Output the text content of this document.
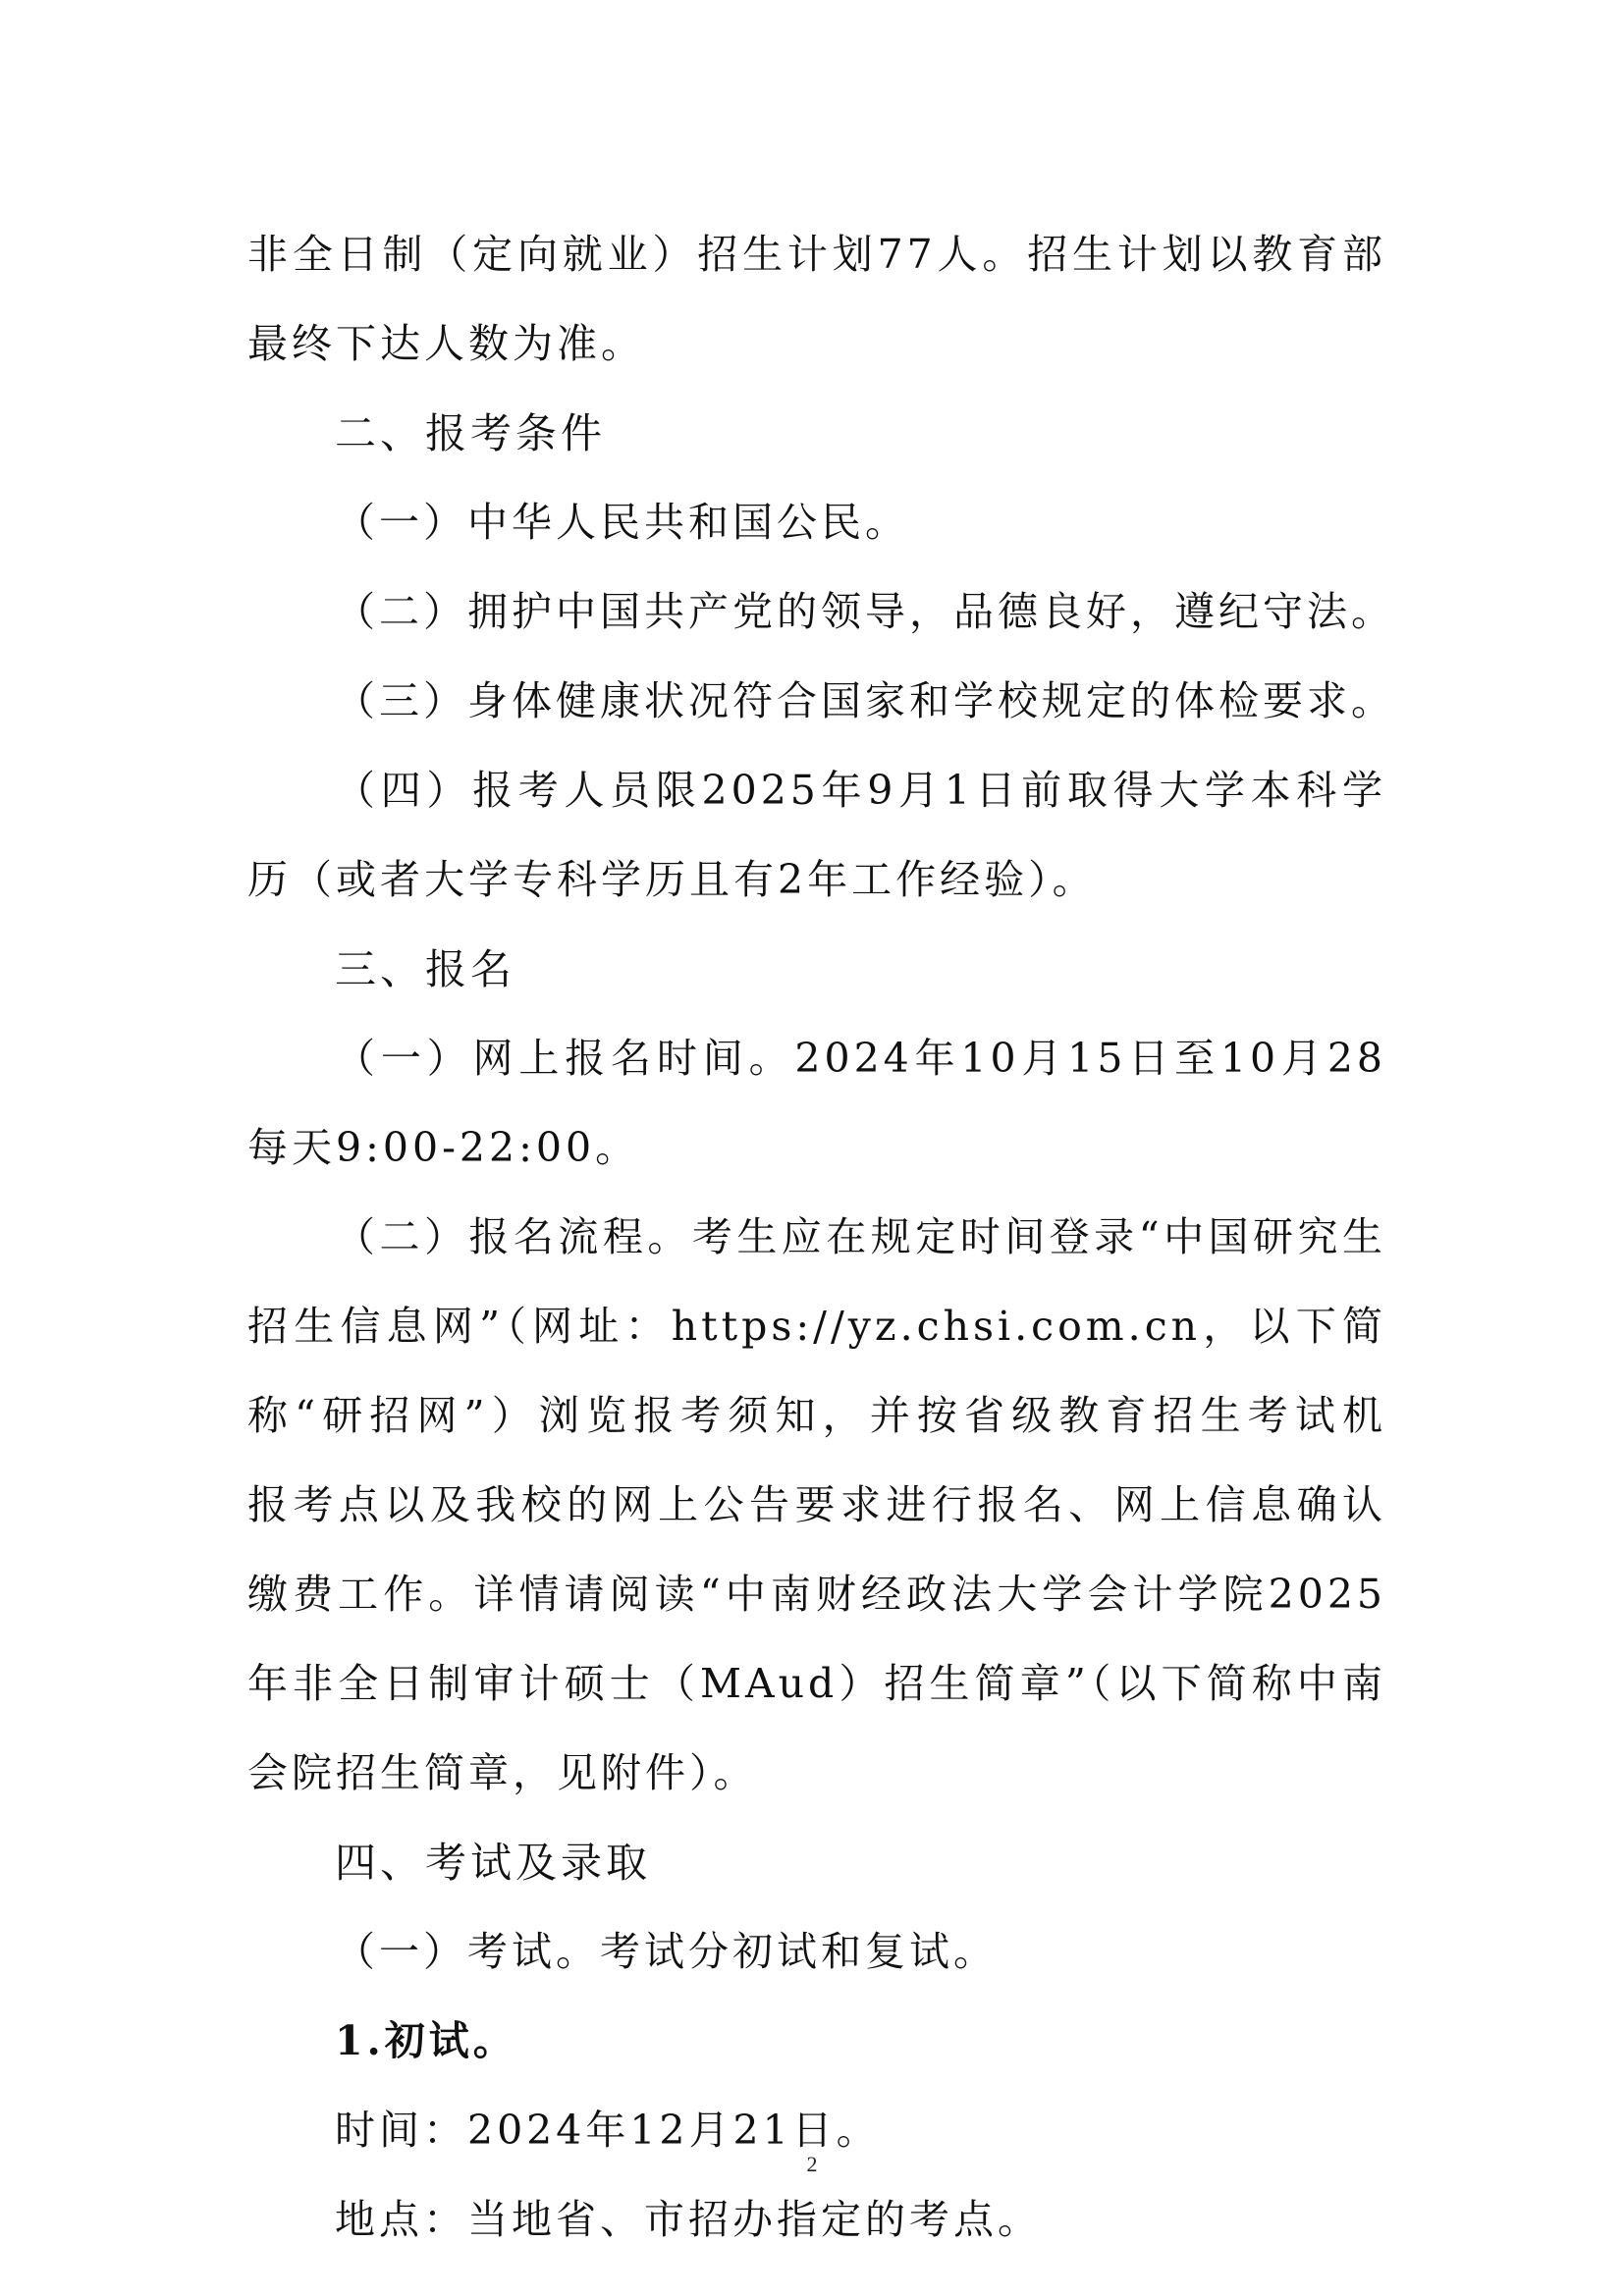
非全日制（定向就业）招生计划77人。招生计划以教育部

最终下达人数为准。

二、报考条件

（一）中华人民共和国公民。

（二）拥护中国共产党的领导，品德良好，遵纪守法。

（三）身体健康状况符合国家和学校规定的体检要求。

（四）报考人员限2025年9月1日前取得大学本科学

历（或者大学专科学历且有2年工作经验）。

三、报名

（一）网上报名时间。2024年10月15日至10月28

每天9:00-22:00。

（二）报名流程。考生应在规定时间登录“中国研究生

招生信息网”（网址：https://yz.chsi.com.cn，以下简

称“研招网”）浏览报考须知，并按省级教育招生考试机

报考点以及我校的网上公告要求进行报名、网上信息确认

缴费工作。详情请阅读“中南财经政法大学会计学院2025

年非全日制审计硕士（MAud）招生简章”（以下简称中南

会院招生简章，见附件）。

四、考试及录取

（一）考试。考试分初试和复试。

1.初试。

时间：2024年12月21日。

地点：当地省、市招办指定的考点。

2
